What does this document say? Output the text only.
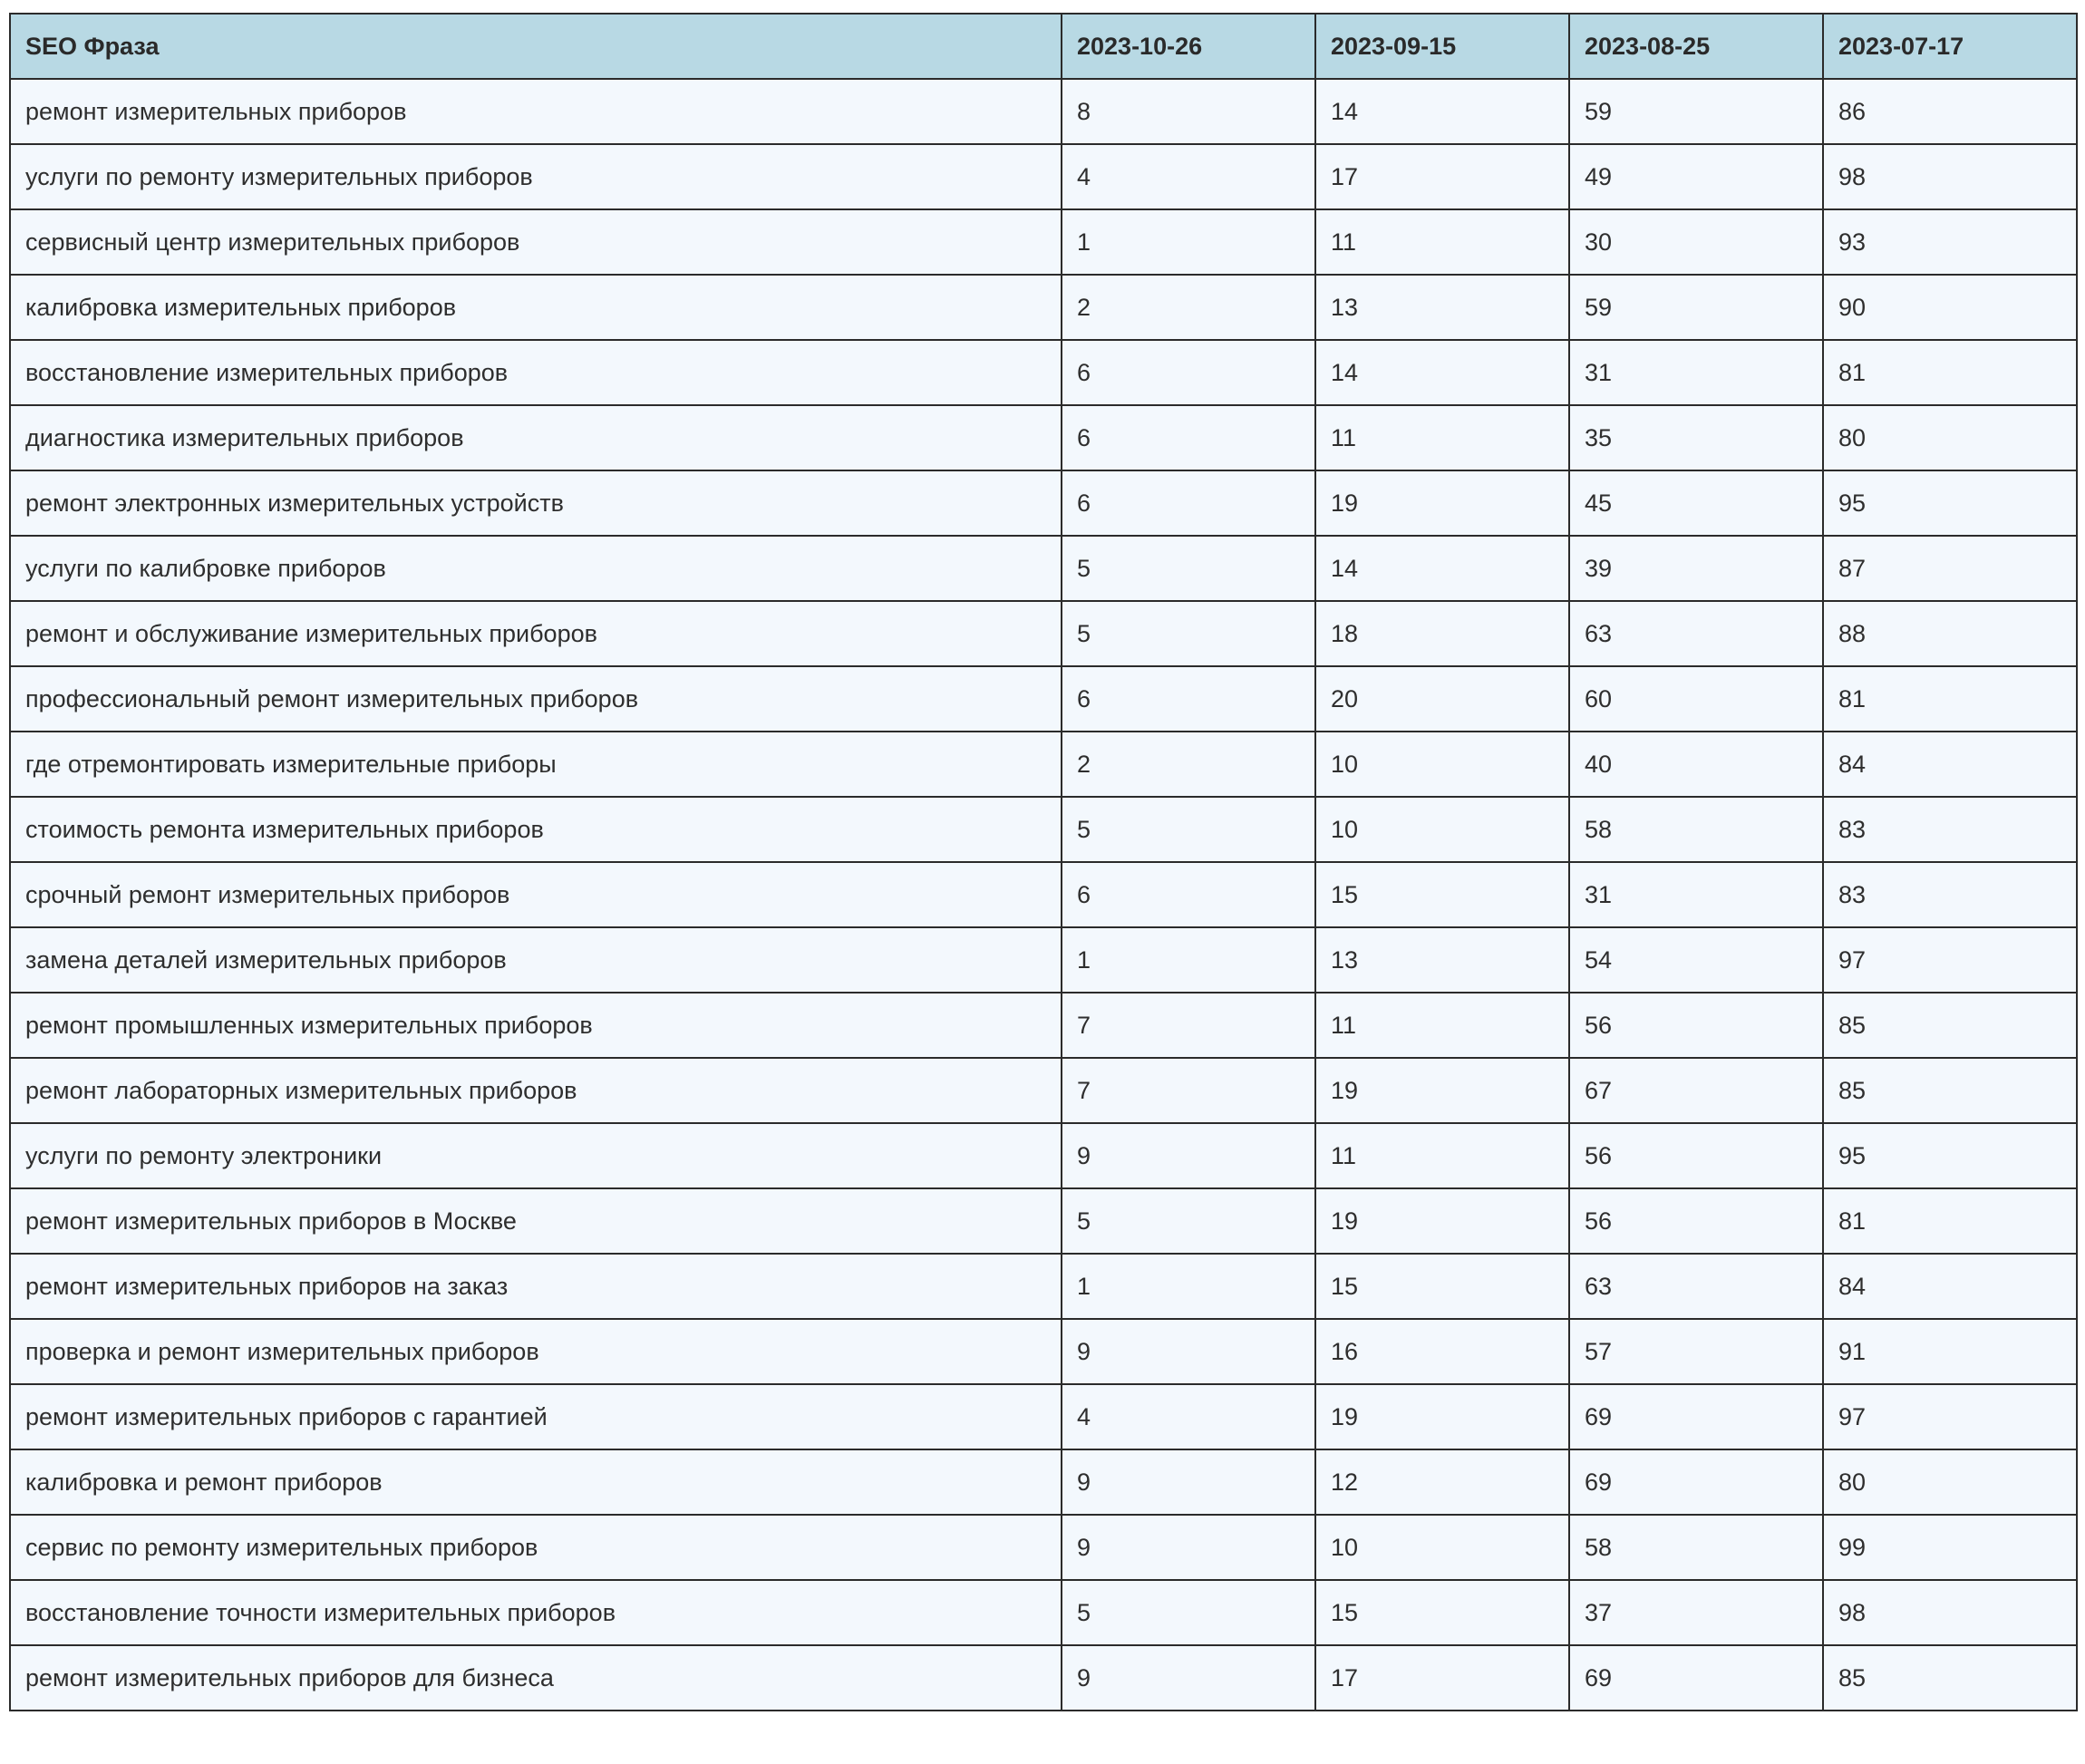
SEO Фраза	2023-10-26	2023-09-15	2023-08-25	2023-07-17
ремонт измерительных приборов	8	14	59	86
услуги по ремонту измерительных приборов	4	17	49	98
сервисный центр измерительных приборов	1	11	30	93
калибровка измерительных приборов	2	13	59	90
восстановление измерительных приборов	6	14	31	81
диагностика измерительных приборов	6	11	35	80
ремонт электронных измерительных устройств	6	19	45	95
услуги по калибровке приборов	5	14	39	87
ремонт и обслуживание измерительных приборов	5	18	63	88
профессиональный ремонт измерительных приборов	6	20	60	81
где отремонтировать измерительные приборы	2	10	40	84
стоимость ремонта измерительных приборов	5	10	58	83
срочный ремонт измерительных приборов	6	15	31	83
замена деталей измерительных приборов	1	13	54	97
ремонт промышленных измерительных приборов	7	11	56	85
ремонт лабораторных измерительных приборов	7	19	67	85
услуги по ремонту электроники	9	11	56	95
ремонт измерительных приборов в Москве	5	19	56	81
ремонт измерительных приборов на заказ	1	15	63	84
проверка и ремонт измерительных приборов	9	16	57	91
ремонт измерительных приборов с гарантией	4	19	69	97
калибровка и ремонт приборов	9	12	69	80
сервис по ремонту измерительных приборов	9	10	58	99
восстановление точности измерительных приборов	5	15	37	98
ремонт измерительных приборов для бизнеса	9	17	69	85
